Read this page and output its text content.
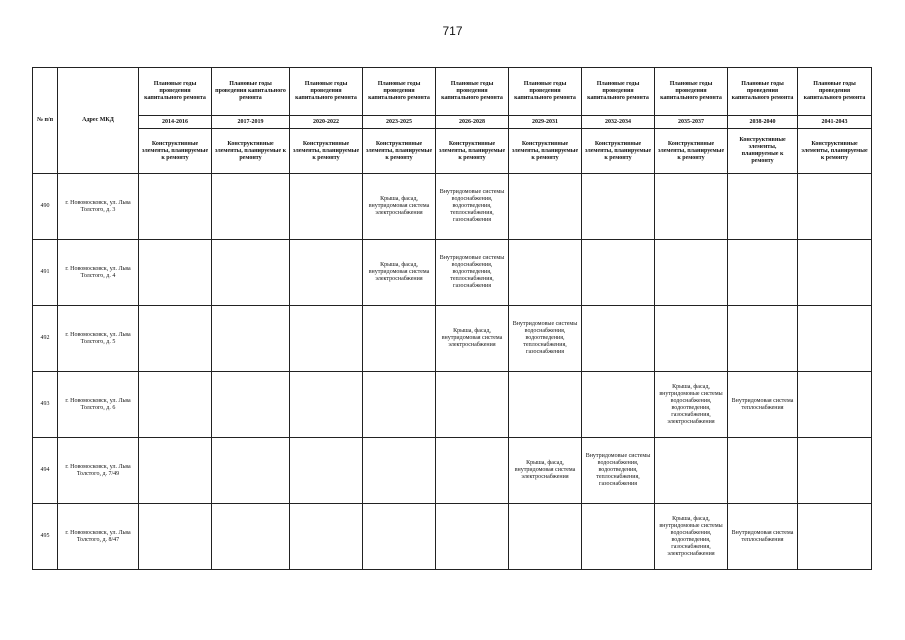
717
№ п/п	Адрес МКД	Плановые годы проведения капитального ремонта	Плановые годы проведения капитального ремонта	Плановые годы проведения капитального ремонта	Плановые годы проведения капитального ремонта	Плановые годы проведения капитального ремонта	Плановые годы проведения капитального ремонта	Плановые годы проведения капитального ремонта	Плановые годы проведения капитального ремонта	Плановые годы проведения капитального ремонта	Плановые годы проведения капитального ремонта
		2014-2016	2017-2019	2020-2022	2023-2025	2026-2028	2029-2031	2032-2034	2035-2037	2038-2040	2041-2043
		Конструктивные элементы, планируемые к ремонту	Конструктивные элементы, планируемые к ремонту	Конструктивные элементы, планируемые к ремонту	Конструктивные элементы, планируемые к ремонту	Конструктивные элементы, планируемые к ремонту	Конструктивные элементы, планируемые к ремонту	Конструктивные элементы, планируемые к ремонту	Конструктивные элементы, планируемые к ремонту	Конструктивные элементы, планируемые к ремонту	Конструктивные элементы, планируемые к ремонту
490	г. Новомосковск, ул. Льва Толстого, д. 3				Крыша, фасад, внутридомовая система электроснабжения	Внутридомовые системы водоснабжения, водоотведения, теплоснабжения, газоснабжения					
491	г. Новомосковск, ул. Льва Толстого, д. 4				Крыша, фасад, внутридомовая система электроснабжения	Внутридомовые системы водоснабжения, водоотведения, теплоснабжения, газоснабжения					
492	г. Новомосковск, ул. Льва Толстого, д. 5					Крыша, фасад, внутридомовая система электроснабжения	Внутридомовые системы водоснабжения, водоотведения, теплоснабжения, газоснабжения				
493	г. Новомосковск, ул. Льва Толстого, д. 6								Крыша, фасад, внутридомовые системы водоснабжения, водоотведения, газоснабжения, электроснабжения	Внутридомовая система теплоснабжения	
494	г. Новомосковск, ул. Льва Толстого, д. 7/49						Крыша, фасад, внутридомовая система электроснабжения	Внутридомовые системы водоснабжения, водоотведения, теплоснабжения, газоснабжения			
495	г. Новомосковск, ул. Льва Толстого, д. 8/47								Крыша, фасад, внутридомовые системы водоснабжения, водоотведения, газоснабжения, электроснабжения	Внутридомовая система теплоснабжения	
